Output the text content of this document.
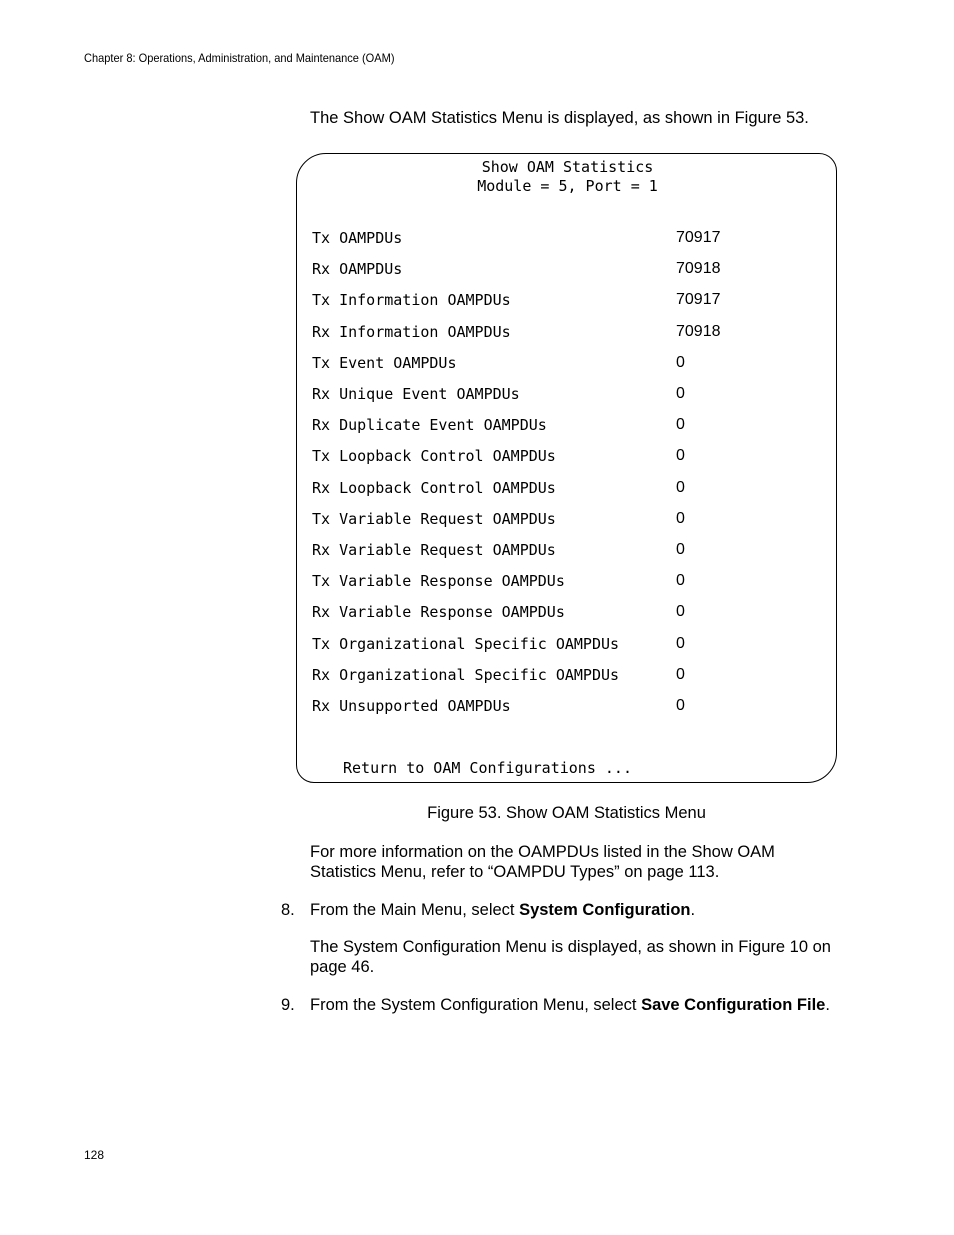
Chapter 8: Operations, Administration, and Maintenance (OAM)
The Show OAM Statistics Menu is displayed, as shown in Figure 53.
Show OAM Statistics
Module = 5, Port = 1
Tx OAMPDUs	70917
Rx OAMPDUs	70918
Tx Information OAMPDUs	70917
Rx Information OAMPDUs	70918
Tx Event OAMPDUs	0
Rx Unique Event OAMPDUs	0
Rx Duplicate Event OAMPDUs	0
Tx Loopback Control OAMPDUs	0
Rx Loopback Control OAMPDUs	0
Tx Variable Request OAMPDUs	0
Rx Variable Request OAMPDUs	0
Tx Variable Response OAMPDUs	0
Rx Variable Response OAMPDUs	0
Tx Organizational Specific OAMPDUs	0
Rx Organizational Specific OAMPDUs	0
Rx Unsupported OAMPDUs	0
Return to OAM Configurations ...
Figure 53. Show OAM Statistics Menu
For more information on the OAMPDUs listed in the Show OAM Statistics Menu, refer to “OAMPDU Types” on page 113.
8. From the Main Menu, select System Configuration.
The System Configuration Menu is displayed, as shown in Figure 10 on page 46.
9. From the System Configuration Menu, select Save Configuration File.
128
